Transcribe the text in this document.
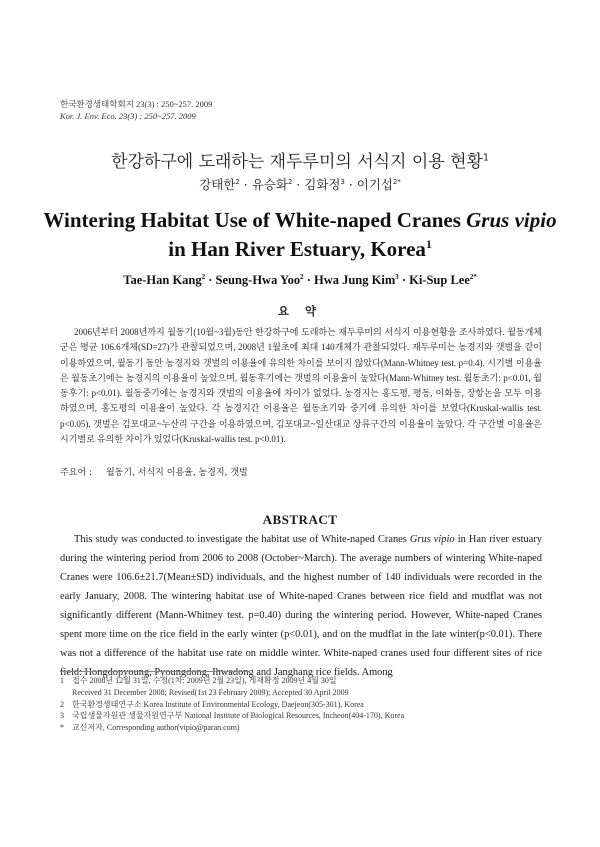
한국환경생태학회지 23(3) : 250~257. 2009
Kor. J. Env. Eco. 23(3) : 250~257. 2009
한강하구에 도래하는 재두루미의 서식지 이용 현황$^1$
강태한$^2$ · 유승화$^2$ · 김화정$^3$ · 이기섭$^{2*}$
Wintering Habitat Use of White-naped Cranes Grus vipio in Han River Estuary, Korea$^1$
Tae-Han Kang$^2$ · Seung-Hwa Yoo$^2$ · Hwa Jung Kim$^3$ · Ki-Sup Lee$^{2*}$
요 약

2006년부터 2008년까지 월동기(10월~3월)동안 한강하구에 도래하는 재두루미의 서식지 이용현황을 조사하였다. 월동개체군은 평균 106.6개체(SD=27)가 관찰되었으며, 2008년 1월초에 최대 140개체가 관찰되었다. 재두루미는 농경지와 갯벌을 같이 이용하였으며, 월동기 동안 농경지와 갯벌의 이용율에 유의한 차이를 보이지 않았다(Mann-Whitney test. p=0.4). 시기별 이용율은 월동초기에는 농경지의 이용율이 높았으며, 월동후기에는 갯벌의 이용율이 높았다(Mann-Whitney test. 월동초기: p<0.01, 월동후기: p<0.01). 월동중기에는 농경지와 갯벌의 이용율에 차이가 없었다. 농경지는 홍도평, 평동, 이화동, 장항논을 모두 이용하였으며, 홍도평의 이용율이 높았다. 각 농경지간 이용율은 월동초기와 중기에 유의한 차이를 보였다(Kruskal-wallis test. p<0.05). 갯벌은 김포대교~누산리 구간을 이용하였으며, 김포대교~일산대교 상류구간의 이용율이 높았다. 각 구간별 이용율은 시기별로 유의한 차이가 있었다(Kruskal-wallis test. p<0.01).

주요어 : 월동기, 서식지 이용율, 농경지, 갯벌
ABSTRACT

This study was conducted to investigate the habitat use of White-naped Cranes Grus vipio in Han river estuary during the wintering period from 2006 to 2008 (October~March). The average numbers of wintering White-naped Cranes were 106.6±21.7(Mean±SD) individuals, and the highest number of 140 individuals were recorded in the early January, 2008. The wintering habitat use of White-naped Cranes between rice field and mudflat was not significantly different (Mann-Whitney test. p=0.40) during the wintering period. However, White-naped Cranes spent more time on the rice field in the early winter (p<0.01), and on the mudflat in the late winter(p<0.01). There was not a difference of the habitat use rate on middle winter. White-naped cranes used four different sites of rice field: Hongdopyoung, Pyoungdong, Ihwadong and Janghang rice fields. Among

1	접수 2008년 12월 31일, 수정(1차: 2009년 2월 23일), 게재확정 2009년 4월 30일
Received 31 December 2008; Revised(1st 23 February 2009); Accepted 30 April 2009
2	한국환경생태연구소 Korea Institute of Environmental Ecology, Daejeon(305-301), Korea
3	국립생물자원관 생물자원연구부 National Institute of Biological Resources, Incheon(404-170), Korea
*	교신저자, Corresponding author(vipio@paran.com)
